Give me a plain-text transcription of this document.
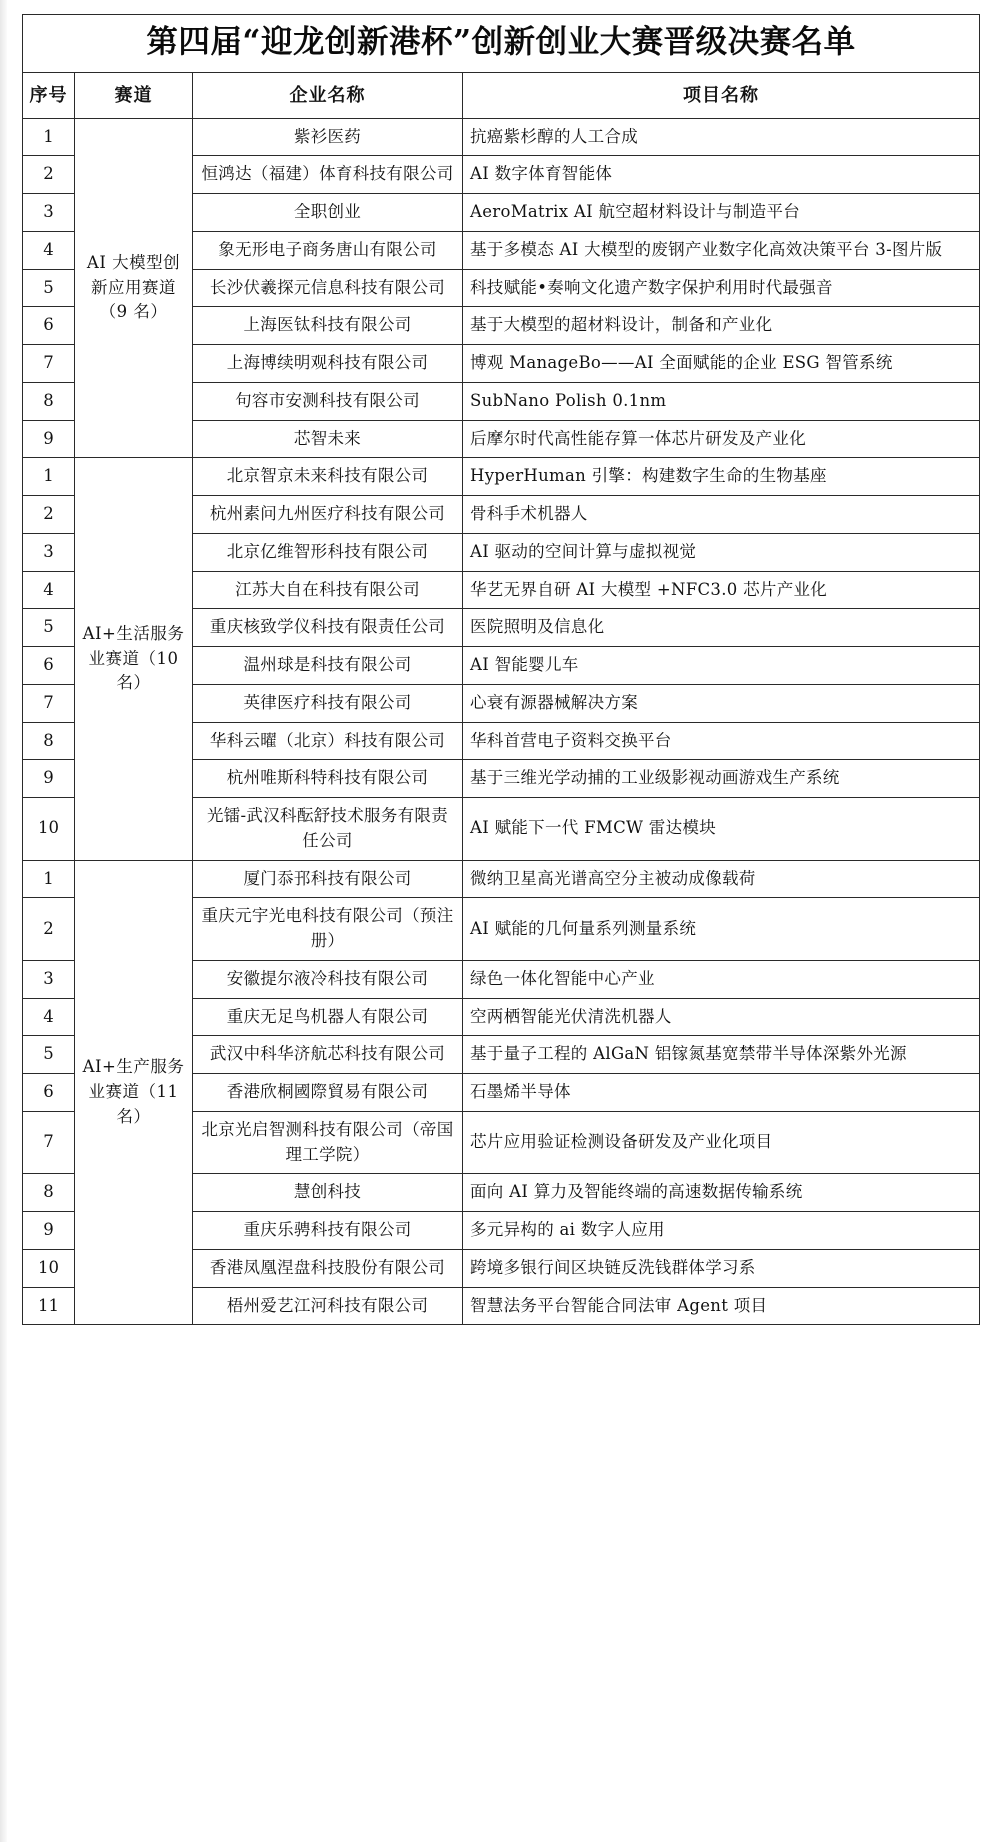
第四届“迎龙创新港杯”创新创业大赛晋级决赛名单
序号	赛道	企业名称	项目名称
1	AI 大模型创新应用赛道（9 名）	紫衫医药	抗癌紫杉醇的人工合成
2		恒鸿达（福建）体育科技有限公司	AI 数字体育智能体
3		全职创业	AeroMatrix AI 航空超材料设计与制造平台
4		象无形电子商务唐山有限公司	基于多模态 AI 大模型的废钢产业数字化高效决策平台 3-图片版
5		长沙伏羲探元信息科技有限公司	科技赋能•奏响文化遗产数字保护利用时代最强音
6		上海医钛科技有限公司	基于大模型的超材料设计，制备和产业化
7		上海博续明观科技有限公司	博观 ManageBo——AI 全面赋能的企业 ESG 智管系统
8		句容市安测科技有限公司	SubNano Polish 0.1nm
9		芯智未来	后摩尔时代高性能存算一体芯片研发及产业化
1	AI+生活服务业赛道（10 名）	北京智京未来科技有限公司	HyperHuman 引擎：构建数字生命的生物基座
2		杭州素问九州医疗科技有限公司	骨科手术机器人
3		北京亿维智形科技有限公司	AI 驱动的空间计算与虚拟视觉
4		江苏大自在科技有限公司	华艺无界自研 AI 大模型 +NFC3.0 芯片产业化
5		重庆核致学仪科技有限责任公司	医院照明及信息化
6		温州球是科技有限公司	AI 智能婴儿车
7		英律医疗科技有限公司	心衰有源器械解决方案
8		华科云曜（北京）科技有限公司	华科首营电子资料交换平台
9		杭州唯斯科特科技有限公司	基于三维光学动捕的工业级影视动画游戏生产系统
10		光镭-武汉科酝舒技术服务有限责任公司	AI 赋能下一代 FMCW 雷达模块
1	AI+生产服务业赛道（11 名）	厦门忝邘科技有限公司	微纳卫星高光谱高空分主被动成像载荷
2		重庆元宇光电科技有限公司（预注册）	AI 赋能的几何量系列测量系统
3		安徽提尔液冷科技有限公司	绿色一体化智能中心产业
4		重庆无足鸟机器人有限公司	空两栖智能光伏清洗机器人
5		武汉中科华济航芯科技有限公司	基于量子工程的 AlGaN 铝镓氮基宽禁带半导体深紫外光源
6		香港欣桐國際貿易有限公司	石墨烯半导体
7		北京光启智测科技有限公司（帝国理工学院）	芯片应用验证检测设备研发及产业化项目
8		慧创科技	面向 AI 算力及智能终端的高速数据传输系统
9		重庆乐骋科技有限公司	多元异构的 ai 数字人应用
10		香港凤凰涅盘科技股份有限公司	跨境多银行间区块链反洗钱群体学习系
11		梧州爱艺江河科技有限公司	智慧法务平台智能合同法审 Agent 项目
